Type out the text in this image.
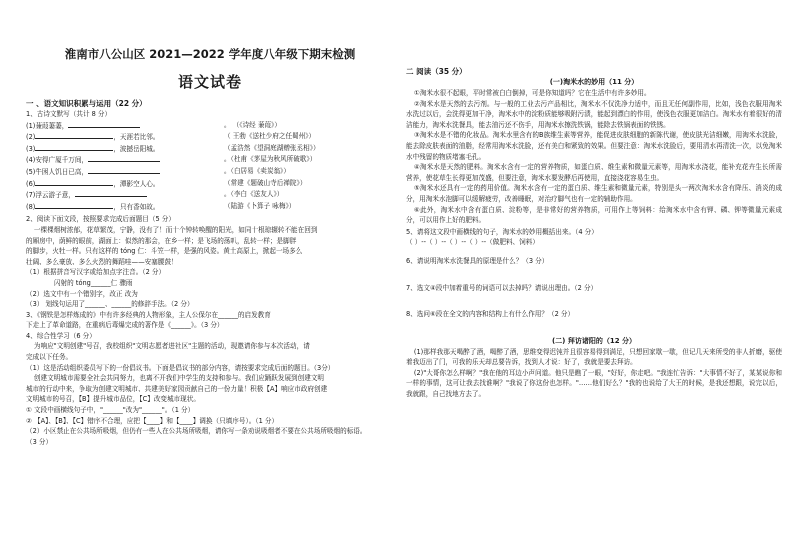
淮南市八公山区 2021—2022 学年度八年级下期末检测
语文试卷
一 、语文知识积累与运用（22 分）
1、古诗文默写（共计 8 分）
(1)蒹葭萋萋，	。 （《诗经 蒹葭》）
(2)	，天涯若比邻。	（ 王勃《送杜少府之任蜀州》）
(3)	，波撼岳阳城。	（孟浩然《望洞庭湖赠张丞相》）
(4)安得广厦千万间，	。（杜甫《茅屋为秋风所破歌》）
(5)牛困人饥日已高，	。（白居易《卖炭翁》）
(6)	，潭影空人心。	（常建《题破山寺后禅院》）
(7)浮云游子意，	。（李白《送友人》）
(8)	，只有香如故。	（陆游《卜算子 咏梅》）
2、阅读下面文段，按照要求完成后面题目（5 分）
一棵棵烟树浓郁，花草繁茂，宁静，没有了！而十个钟转唤醒的阳光，如同十根琼辗转不能在回到
的厢房中，荫鲜的眼前，湖面上：似然的那会，在乡一样；是飞场的荡叭，乱转一样；是脚胖
的脚步，火牡一样。只有这样的 tóng 仁：斗笠一样，是强的风姿。黄土高原上，掀起一场多么
壮阔、多么豪放、多么火烈的舞蹈哇——安塞腰鼓！
（1）根据拼音写汉字或给加点字注音。（2 分）
闪射的 tóng______仁 骤雨
（2）选文中有一个错别字，改正 改为
（3） 划线句运用了______、______的修辞手法。（2 分）
3、《钢铁是怎样炼成的》中有许多经典的人物形象，主人公保尔在______的启发教育
下走上了革命道路，在重病后毒爆完成的著作是《______》。（3 分）
4、综合性学习（6 分）
为响应"文明创建"号召，我校组织"文明志愿者进社区"主题的活动，现邀请你参与本次活动，请
完成以下任务。
（1）这是活动组织委员写下的一份倡议书。下面是倡议书的部分内容，请按要求完成后面的题目。（3分）
创建文明城市需要全社会共同努力，也离不开我们中学生的支持和参与。我们应踊跃发展到创建文明
城市的行动中来，争取为创建文明城市、共建美好家园贡献自己的一份力量！积极【A】响应市政府创建
文明城市的号召，【B】提升城市品位，【C】改变城市现状。
① 文段中画横线句子中，"______"改为"______"。（1 分）
② 【A】、【B】、【C】错序不合理，应把【____】和【____】调换（只填序号）。（1 分）
（2）小区禁止在公共场所吸烟，但仍有一些人在公共场所吸烟，请你写一条劝说吸烟者不要在公共场所吸烟的标语。
（3 分）
二 阅读（35 分）
(一)淘米水的妙用（11 分）
①淘米水很不起眼，平时常被白白倒掉，可是你知道吗？它在生活中有许多妙用。
②淘米水是天然的去污剂。与一般的工业去污产品相比，淘米水不仅洗净力适中，而且无任何副作用，比如，浅色衣服用淘米水洗过以后，会洗得更加干净，淘米水中的淀粉质能够吸附污渍，能起到漂白的作用，使浅色衣服更加洁白。淘米水有着很好的清洁能力，淘米水洗餐具，能去油污还不伤手，用淘米水擦洗铁锅，能除去铁锅表面的铁锈。
③淘米水是不错的化妆品。淘米水里含有的B族维生素等营养，能促进皮肤细胞的新陈代谢，使皮肤光洁细嫩，用淘米水洗脸，能去除皮肤表面的油脂，经常用淘米水洗脸，还有美白和紧致的效果。但要注意：淘米水洗脸后，要用清水再清洗一次，以免淘米水中残留的物质堵塞毛孔。
④淘米水是天然的肥料。淘米水含有一定的营养物质，如蛋白质、维生素和微量元素等，用淘米水浇花，能补充花卉生长所需营养，使花草生长得更加茂盛，但要注意，淘米水要发酵后再使用，直接浇花容易生虫。
⑤淘米水还具有一定的药用价值。淘米水含有一定的蛋白质、维生素和微量元素，特别是头一两次淘米水含有降压、消炎的成分，用淘米水泡脚可以缓解疲劳，改善睡眠，对治疗脚气也有一定的辅助作用。
⑥此外，淘米水中含有蛋白质、淀粉等，是非常好的营养物质，可用作上等饲料：给淘米水中含有钾、磷、钾等微量元素成分，可以用作上好的肥料。
5、请将这文段中画横线的句子，淘米水的妙用概括出来。（4 分）
（ ）--（ ）--（ ）--（ ）--（做肥料、饲料）
6、请说明淘米水洗餐具的原理是什么？（3 分）
7、选文④段中加着重号的词语可以去掉吗？请说出理由。（2 分）
8、选问⑥段在全文的内容和结构上有什么作用？（2 分）
(二) 拜访诸阳的（12 分）
(1)那样我那天喝醉了酒，喝醉了酒，思维变得迟钝并且很容易得到满足，只想回家歇一歇，但记几天来所受的非人折磨，驱使着我迈出了门，可我的乐天却总要告诉，找到人才说：好了，我就是要去拜访。
(2)"大哥你怎么样啊？"我在他的耳边小声问道。他只是瞧了一眼，"好好，你走吧。"我连忙告诉："大事情不好了，某某说你和一样的事情，这可让我去找谁啊？"我说了你这份也怎样。"……他们好么？"我的也说给了大王的时候，是我还想跟，说完以后，我就跟，自己找地方去了。
